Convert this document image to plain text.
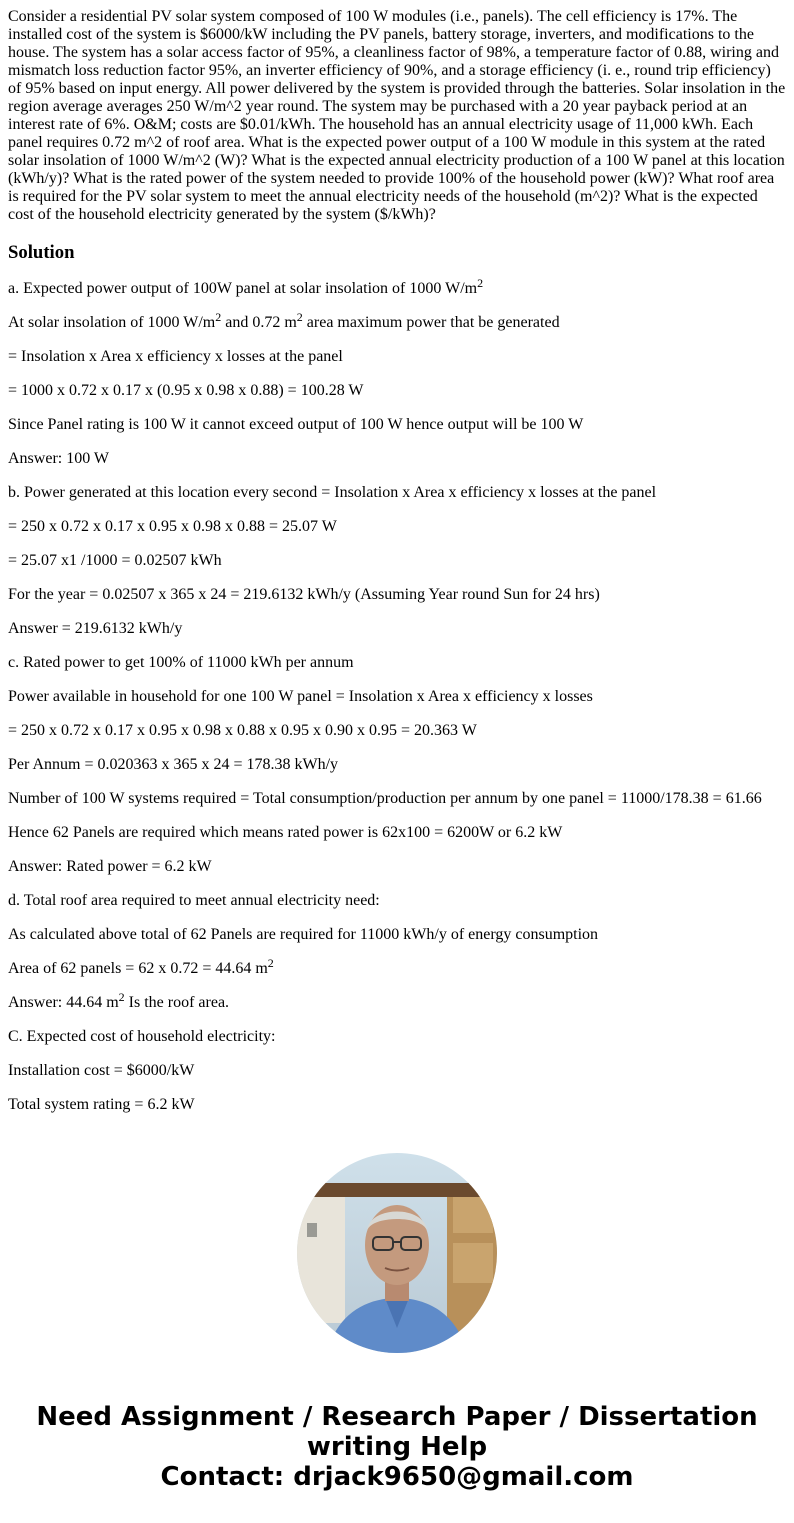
Consider a residential PV solar system composed of 100 W modules (i.e., panels). The cell efficiency is 17%. The installed cost of the system is $6000/kW including the PV panels, battery storage, inverters, and modifications to the house. The system has a solar access factor of 95%, a cleanliness factor of 98%, a temperature factor of 0.88, wiring and mismatch loss reduction factor 95%, an inverter efficiency of 90%, and a storage efficiency (i. e., round trip efficiency) of 95% based on input energy. All power delivered by the system is provided through the batteries. Solar insolation in the region average averages 250 W/m^2 year round. The system may be purchased with a 20 year payback period at an interest rate of 6%. O&M; costs are $0.01/kWh. The household has an annual electricity usage of 11,000 kWh. Each panel requires 0.72 m^2 of roof area. What is the expected power output of a 100 W module in this system at the rated solar insolation of 1000 W/m^2 (W)? What is the expected annual electricity production of a 100 W panel at this location (kWh/y)? What is the rated power of the system needed to provide 100% of the household power (kW)? What roof area is required for the PV solar system to meet the annual electricity needs of the household (m^2)? What is the expected cost of the household electricity generated by the system ($/kWh)?

Solution

a. Expected power output of 100W panel at solar insolation of 1000 $W/m^2$

At solar insolation of 1000 $W/m^2$ and 0.72 $m^2$ area maximum power that be generated

= Insolation x Area x efficiency x losses at the panel

= 1000 x 0.72 x 0.17 x (0.95 x 0.98 x 0.88) = 100.28 W

Since Panel rating is 100 W it cannot exceed output of 100 W hence output will be 100 W

Answer: 100 W

b. Power generated at this location every second = Insolation x Area x efficiency x losses at the panel

= 250 x 0.72 x 0.17 x 0.95 x 0.98 x 0.88 = 25.07 W

= 25.07 x1 /1000 = 0.02507 kWh

For the year = 0.02507 x 365 x 24 = 219.6132 kWh/y (Assuming Year round Sun for 24 hrs)

Answer = 219.6132 kWh/y

c. Rated power to get 100% of 11000 kWh per annum

Power available in household for one 100 W panel = Insolation x Area x efficiency x losses

= 250 x 0.72 x 0.17 x 0.95 x 0.98 x 0.88 x 0.95 x 0.90 x 0.95 = 20.363 W

Per Annum = 0.020363 x 365 x 24 = 178.38 kWh/y

Number of 100 W systems required = Total consumption/production per annum by one panel = 11000/178.38 = 61.66

Hence 62 Panels are required which means rated power is 62x100 = 6200W or 6.2 kW

Answer: Rated power = 6.2 kW

d. Total roof area required to meet annual electricity need:

As calculated above total of 62 Panels are required for 11000 kWh/y of energy consumption

Area of 62 panels = 62 x 0.72 = 44.64 $m^2$

Answer: 44.64 $m^2$ Is the roof area.

C. Expected cost of household electricity:

Installation cost = $6000/kW

Total system rating = 6.2 kW

Need Assignment / Research Paper / Dissertation
writing Help
Contact: drjack9650@gmail.com
